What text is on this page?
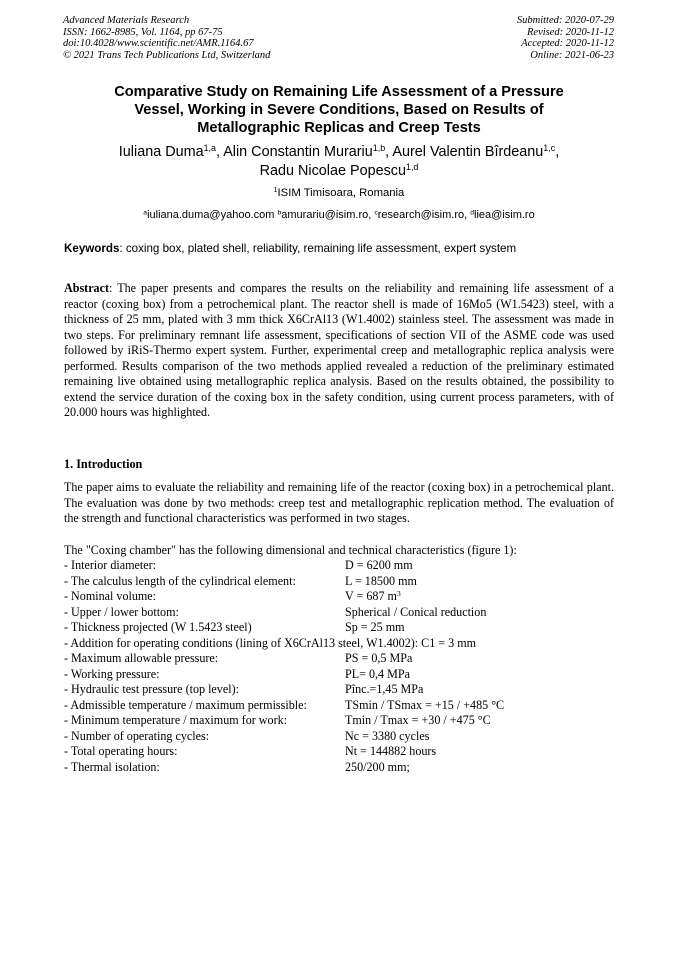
Advanced Materials Research
ISSN: 1662-8985, Vol. 1164, pp 67-75
doi:10.4028/www.scientific.net/AMR.1164.67
© 2021 Trans Tech Publications Ltd, Switzerland
Submitted: 2020-07-29
Revised: 2020-11-12
Accepted: 2020-11-12
Online: 2021-06-23
Comparative Study on Remaining Life Assessment of a Pressure
Vessel, Working in Severe Conditions, Based on Results of
Metallographic Replicas and Creep Tests
Iuliana Duma$^{1,a}$, Alin Constantin Murariu$^{1,b}$, Aurel Valentin Bîrdeanu$^{1,c}$,
Radu Nicolae Popescu$^{1,d}$
$^1$ISIM Timisoara, Romania
$^a$iuliana.duma@yahoo.com $^b$amurariu@isim.ro, $^c$research@isim.ro, $^d$liea@isim.ro
Keywords: coxing box, plated shell, reliability, remaining life assessment, expert system
Abstract: The paper presents and compares the results on the reliability and remaining life assessment of a reactor (coxing box) from a petrochemical plant. The reactor shell is made of 16Mo5 (W1.5423) steel, with a thickness of 25 mm, plated with 3 mm thick X6CrAl13 (W1.4002) stainless steel. The assessment was made in two steps. For preliminary remnant life assessment, specifications of section VII of the ASME code was used followed by iRiS-Thermo expert system. Further, experimental creep and metallographic replica analysis were performed. Results comparison of the two methods applied revealed a reduction of the preliminary estimated remaining live obtained using metallographic replica analysis. Based on the results obtained, the possibility to extend the service duration of the coxing box in the safety condition, using current process parameters, with of 20.000 hours was highlighted.
1. Introduction
The paper aims to evaluate the reliability and remaining life of the reactor (coxing box) in a petrochemical plant. The evaluation was done by two methods: creep test and metallographic replication method. The evaluation of the strength and functional characteristics was performed in two stages.
The "Coxing chamber" has the following dimensional and technical characteristics (figure 1):
- Interior diameter:	D = 6200 mm
- The calculus length of the cylindrical element:	L = 18500 mm
- Nominal volume:	V = 687 $m^3$
- Upper / lower bottom:	Spherical / Conical reduction
- Thickness projected (W 1.5423 steel)	Sp = 25 mm
- Addition for operating conditions (lining of X6CrAl13 steel, W1.4002): C1 = 3 mm
- Maximum allowable pressure:	PS = 0,5 MPa
- Working pressure:	PL= 0,4 MPa
- Hydraulic test pressure (top level):	Pînc.=1,45 MPa
- Admissible temperature / maximum permissible:	TSmin / TSmax = +15 / +485 °C
- Minimum temperature / maximum for work:	Tmin / Tmax = +30 / +475 °C
- Number of operating cycles:	Nc = 3380 cycles
- Total operating hours:	Nt = 144882 hours
- Thermal isolation:	250/200 mm;
